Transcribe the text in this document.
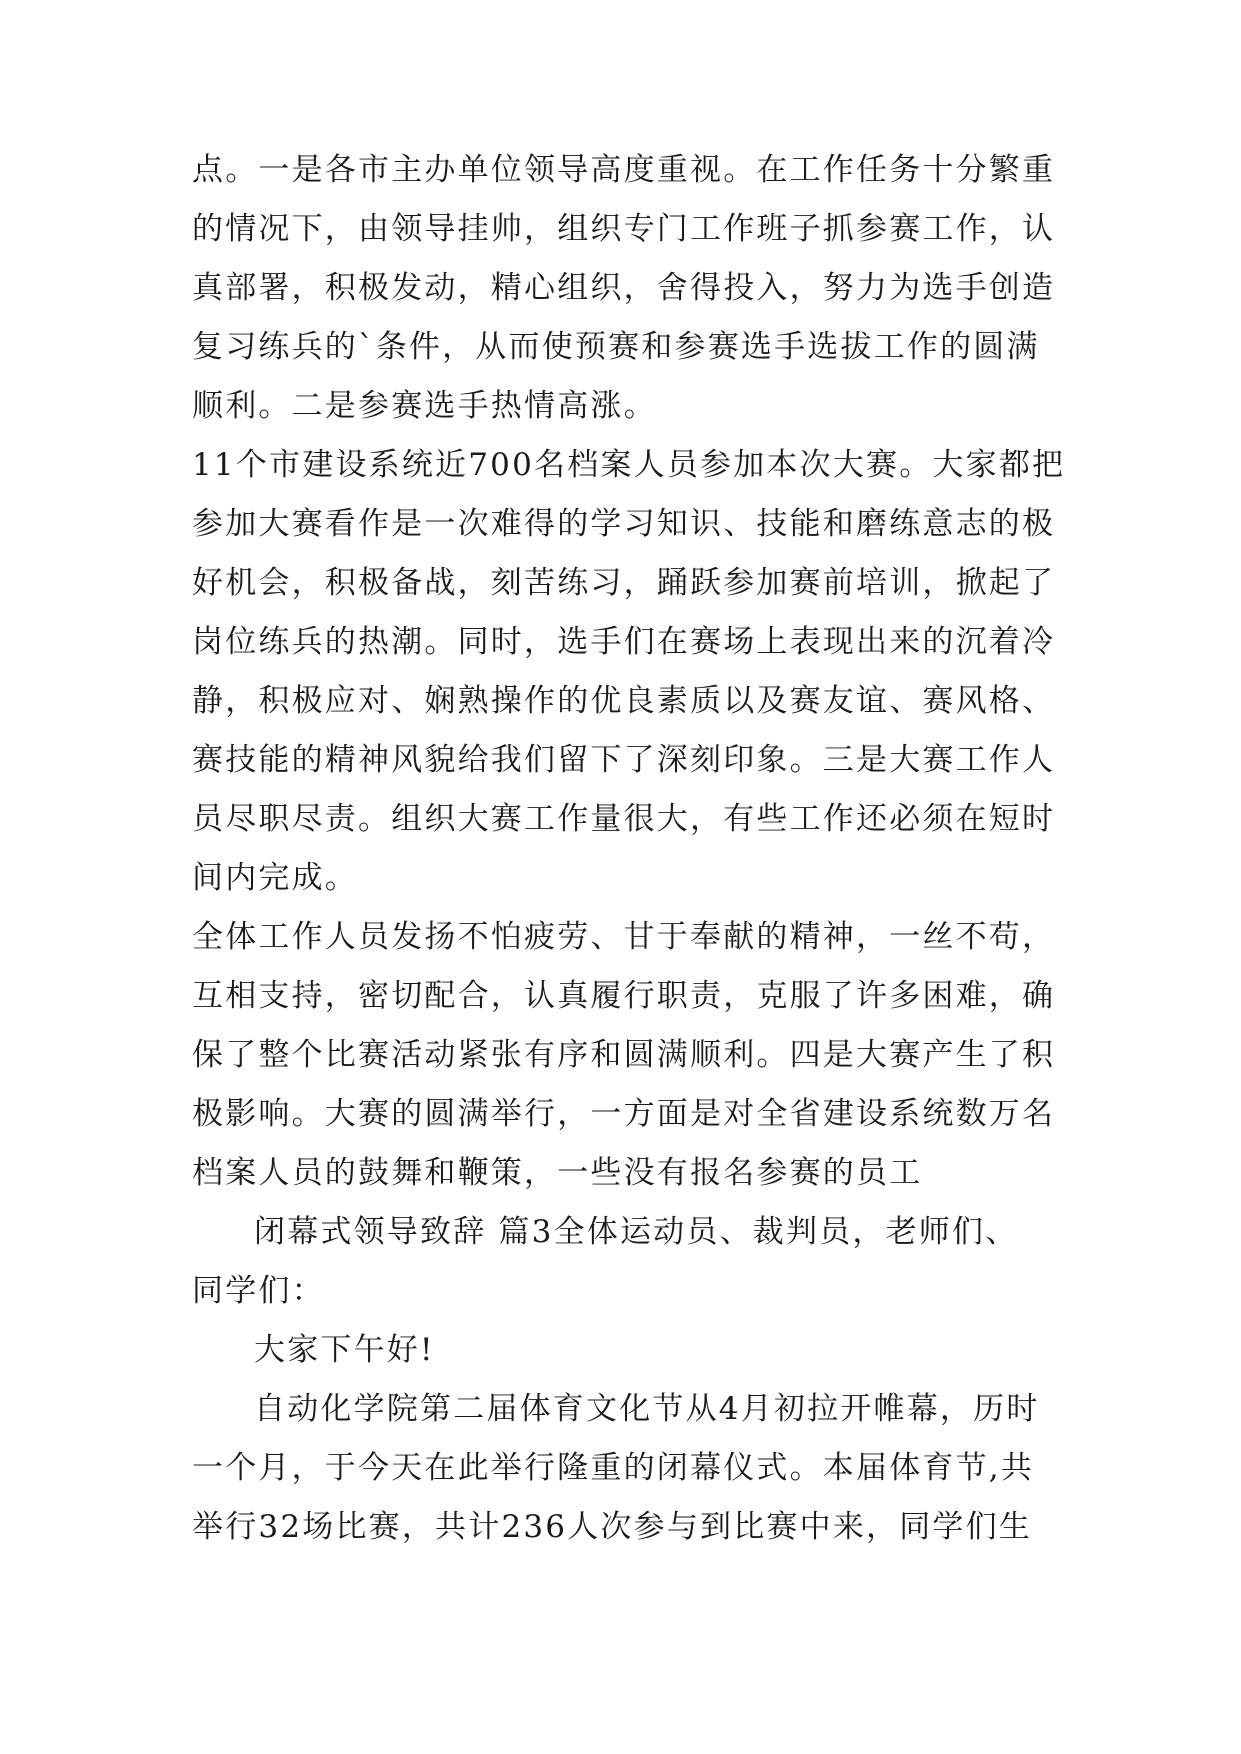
点。一是各市主办单位领导高度重视。在工作任务十分繁重
的情况下，由领导挂帅，组织专门工作班子抓参赛工作，认
真部署，积极发动，精心组织，舍得投入，努力为选手创造
复习练兵的`条件，从而使预赛和参赛选手选拔工作的圆满
顺利。二是参赛选手热情高涨。
11个市建设系统近700名档案人员参加本次大赛。大家都把
参加大赛看作是一次难得的学习知识、技能和磨练意志的极
好机会，积极备战，刻苦练习，踊跃参加赛前培训，掀起了
岗位练兵的热潮。同时，选手们在赛场上表现出来的沉着冷
静，积极应对、娴熟操作的优良素质以及赛友谊、赛风格、
赛技能的精神风貌给我们留下了深刻印象。三是大赛工作人
员尽职尽责。组织大赛工作量很大，有些工作还必须在短时
间内完成。
全体工作人员发扬不怕疲劳、甘于奉献的精神，一丝不苟，
互相支持，密切配合，认真履行职责，克服了许多困难，确
保了整个比赛活动紧张有序和圆满顺利。四是大赛产生了积
极影响。大赛的圆满举行，一方面是对全省建设系统数万名
档案人员的鼓舞和鞭策，一些没有报名参赛的员工
闭幕式领导致辞 篇3全体运动员、裁判员，老师们、
同学们：
大家下午好!
自动化学院第二届体育文化节从4月初拉开帷幕，历时
一个月，于今天在此举行隆重的闭幕仪式。本届体育节,共
举行32场比赛，共计236人次参与到比赛中来，同学们生
